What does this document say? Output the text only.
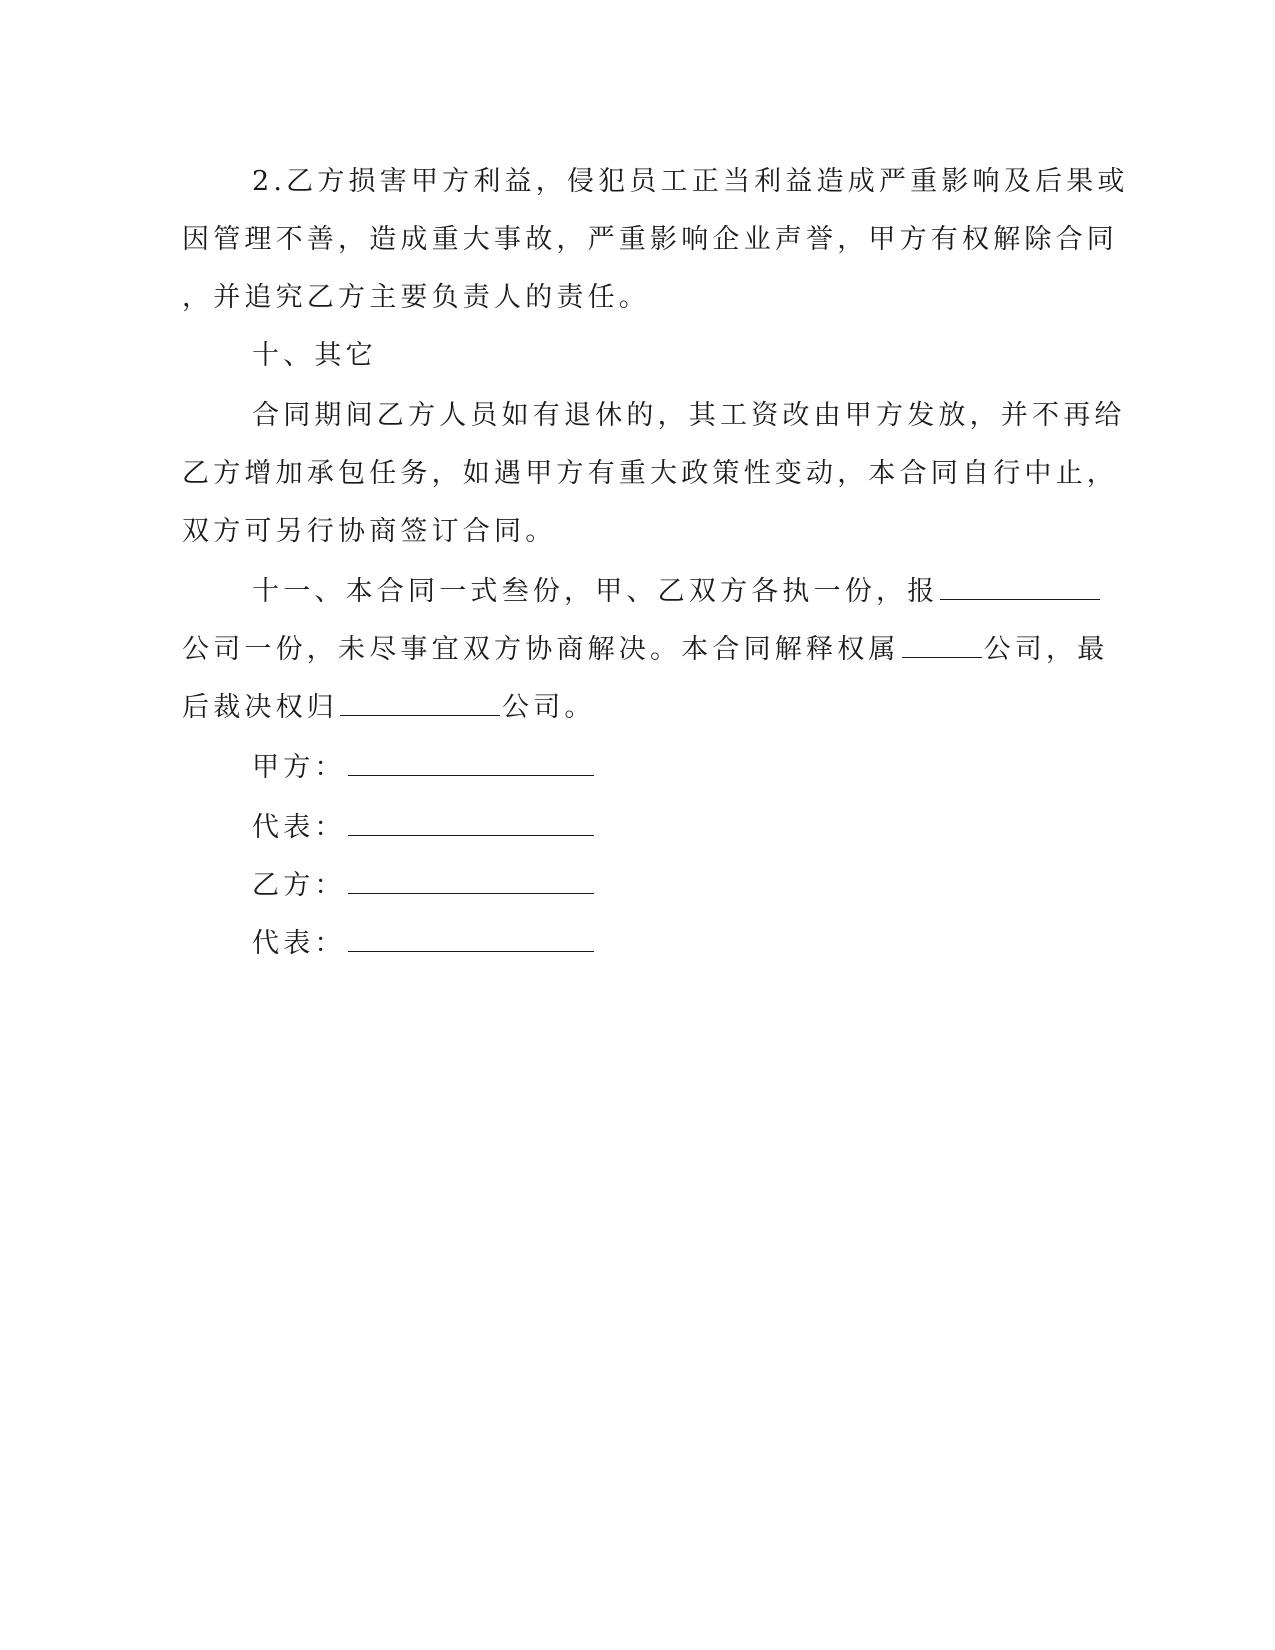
2.乙方损害甲方利益，侵犯员工正当利益造成严重影响及后果或
因管理不善，造成重大事故，严重影响企业声誉，甲方有权解除合同
，并追究乙方主要负责人的责任。
十、其它
合同期间乙方人员如有退休的，其工资改由甲方发放，并不再给
乙方增加承包任务，如遇甲方有重大政策性变动，本合同自行中止，
双方可另行协商签订合同。
十一、本合同一式叁份，甲、乙双方各执一份，报
公司一份，未尽事宜双方协商解决。本合同解释权属	公司，最
后裁决权归	公司。
甲方：
代表：
乙方：
代表：
